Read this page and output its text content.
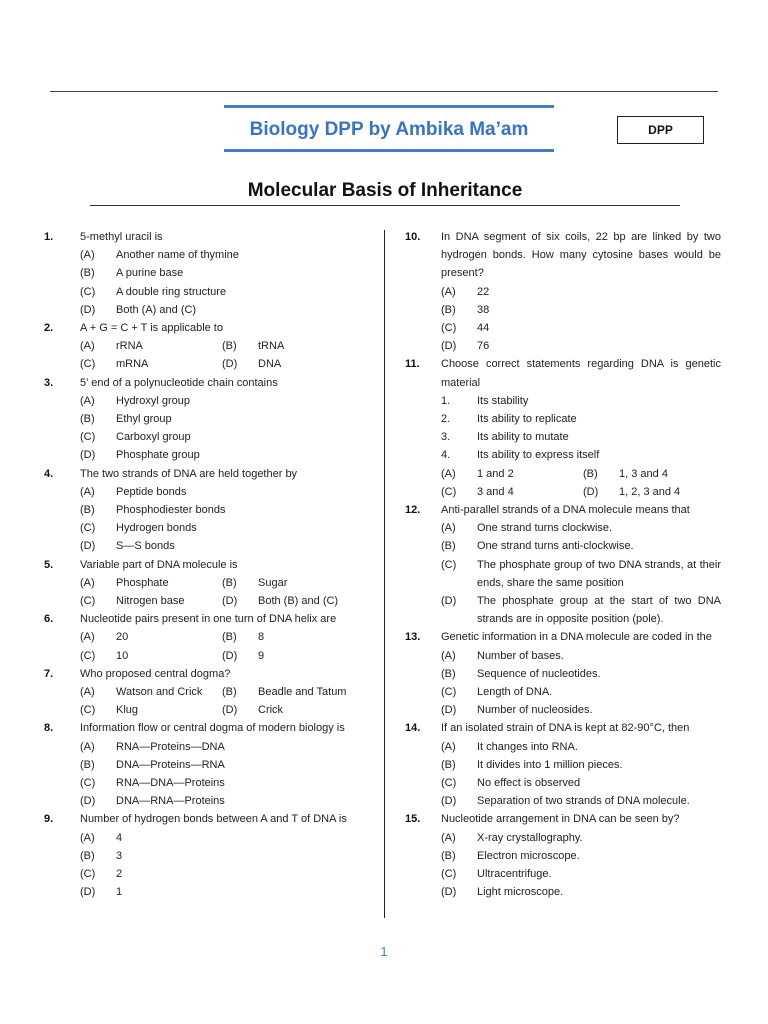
Biology DPP by Ambika Ma’am	DPP
Molecular Basis of Inheritance
1. 5-methyl uracil is
(A) Another name of thymine
(B) A purine base
(C) A double ring structure
(D) Both (A) and (C)
2. A + G = C + T is applicable to
(A) rRNA	(B) tRNA
(C) mRNA	(D) DNA
3. 5’ end of a polynucleotide chain contains
(A) Hydroxyl group
(B) Ethyl group
(C) Carboxyl group
(D) Phosphate group
4. The two strands of DNA are held together by
(A) Peptide bonds
(B) Phosphodiester bonds
(C) Hydrogen bonds
(D) S—S bonds
5. Variable part of DNA molecule is
(A) Phosphate	(B) Sugar
(C) Nitrogen base	(D) Both (B) and (C)
6. Nucleotide pairs present in one turn of DNA helix are
(A) 20	(B) 8
(C) 10	(D) 9
7. Who proposed central dogma?
(A) Watson and Crick (B) Beadle and Tatum
(C) Klug	(D) Crick
8. Information flow or central dogma of modern biology is
(A) RNA—Proteins—DNA
(B) DNA—Proteins—RNA
(C) RNA—DNA—Proteins
(D) DNA—RNA—Proteins
9. Number of hydrogen bonds between A and T of DNA is
(A) 4
(B) 3
(C) 2
(D) 1
10. In DNA segment of six coils, 22 bp are linked by two hydrogen bonds. How many cytosine bases would be present?
(A) 22
(B) 38
(C) 44
(D) 76
11. Choose correct statements regarding DNA is genetic material
1. Its stability
2. Its ability to replicate
3. Its ability to mutate
4. Its ability to express itself
(A) 1 and 2	(B) 1, 3 and 4
(C) 3 and 4	(D) 1, 2, 3 and 4
12. Anti-parallel strands of a DNA molecule means that
(A) One strand turns clockwise.
(B) One strand turns anti-clockwise.
(C) The phosphate group of two DNA strands, at their ends, share the same position
(D) The phosphate group at the start of two DNA strands are in opposite position (pole).
13. Genetic information in a DNA molecule are coded in the
(A) Number of bases.
(B) Sequence of nucleotides.
(C) Length of DNA.
(D) Number of nucleosides.
14. If an isolated strain of DNA is kept at 82-90°C, then
(A) It changes into RNA.
(B) It divides into 1 million pieces.
(C) No effect is observed
(D) Separation of two strands of DNA molecule.
15. Nucleotide arrangement in DNA can be seen by?
(A) X-ray crystallography.
(B) Electron microscope.
(C) Ultracentrifuge.
(D) Light microscope.
1
